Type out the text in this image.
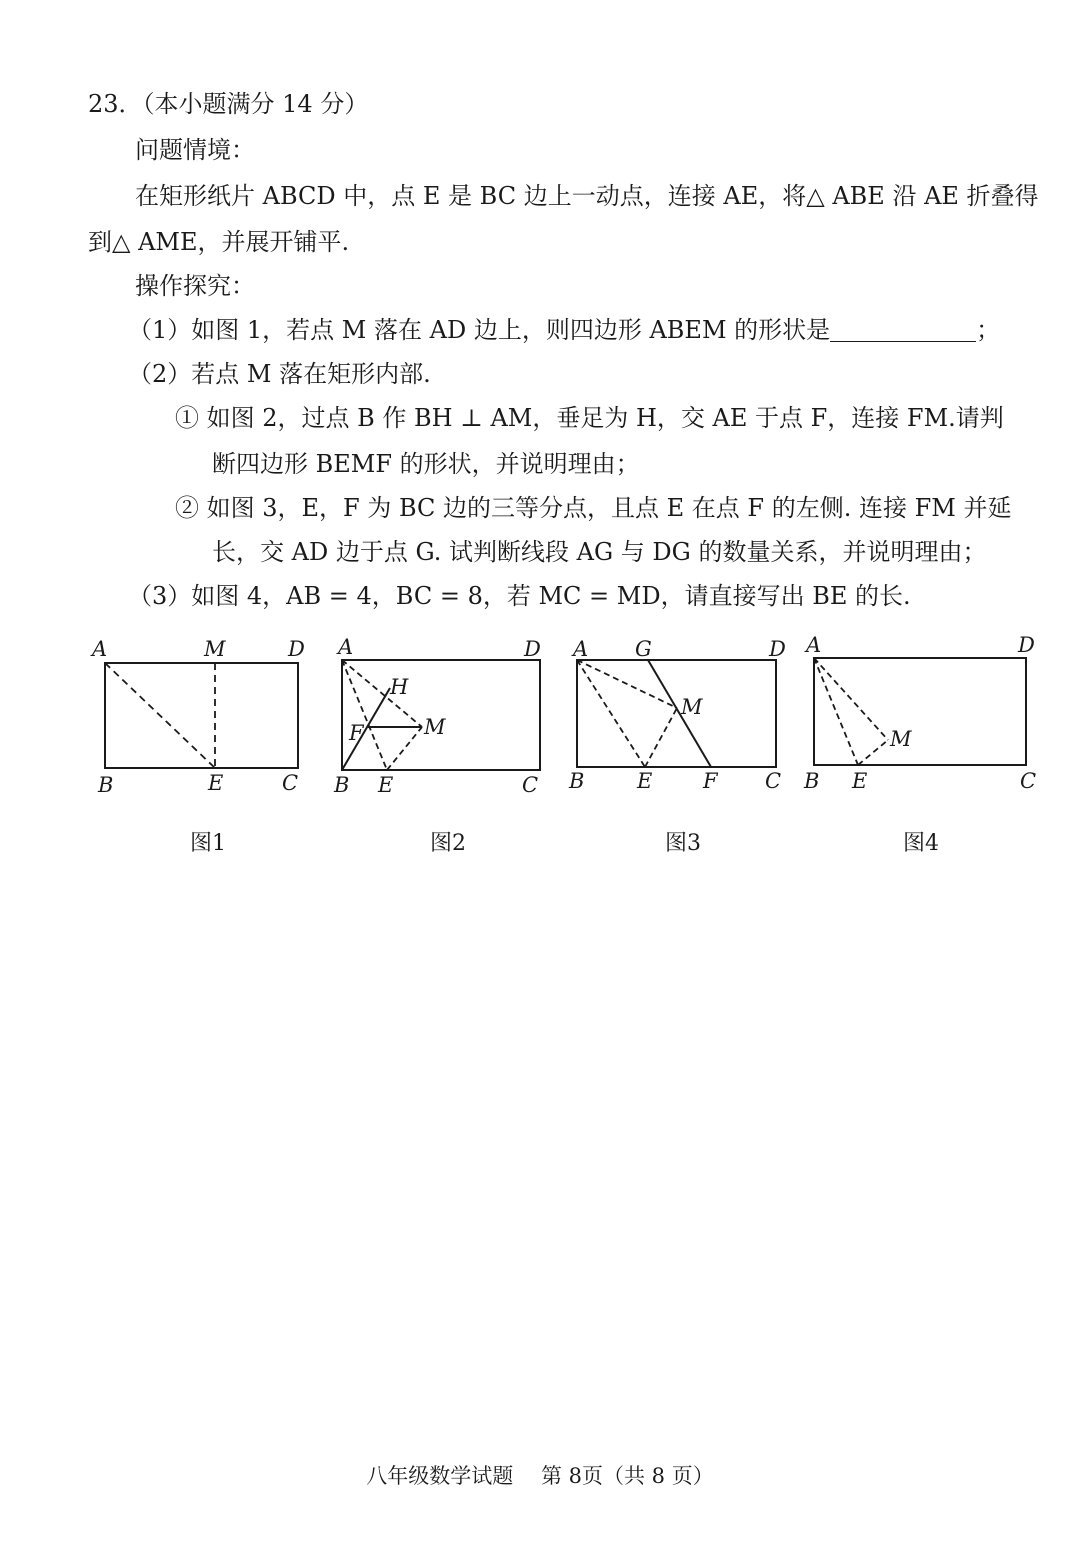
23．（本小题满分 14 分）
问题情境：
在矩形纸片 ABCD 中，点 E 是 BC 边上一动点，连接 AE，将△ ABE 沿 AE 折叠得
到△ AME，并展开铺平.
操作探究：
（1）如图 1，若点 M 落在 AD 边上，则四边形 ABEM 的形状是	；
（2）若点 M 落在矩形内部.
① 如图 2，过点 B 作 BH ⊥ AM，垂足为 H，交 AE 于点 F，连接 FM.请判
断四边形 BEMF 的形状，并说明理由；
② 如图 3，E，F 为 BC 边的三等分点，且点 E 在点 F 的左侧. 连接 FM 并延
长，交 AD 边于点 G. 试判断线段 AG 与 DG 的数量关系，并说明理由；
（3）如图 4，AB = 4，BC = 8，若 MC = MD，请直接写出 BE 的长.
A	M	D
B	E	C
A	D
H
F	M
B E	C
A G	D
M
B	E F C
A	D
M
B E	C
图1	图2	图3	图4
八年级数学试题　 第 8页（共 8 页）
